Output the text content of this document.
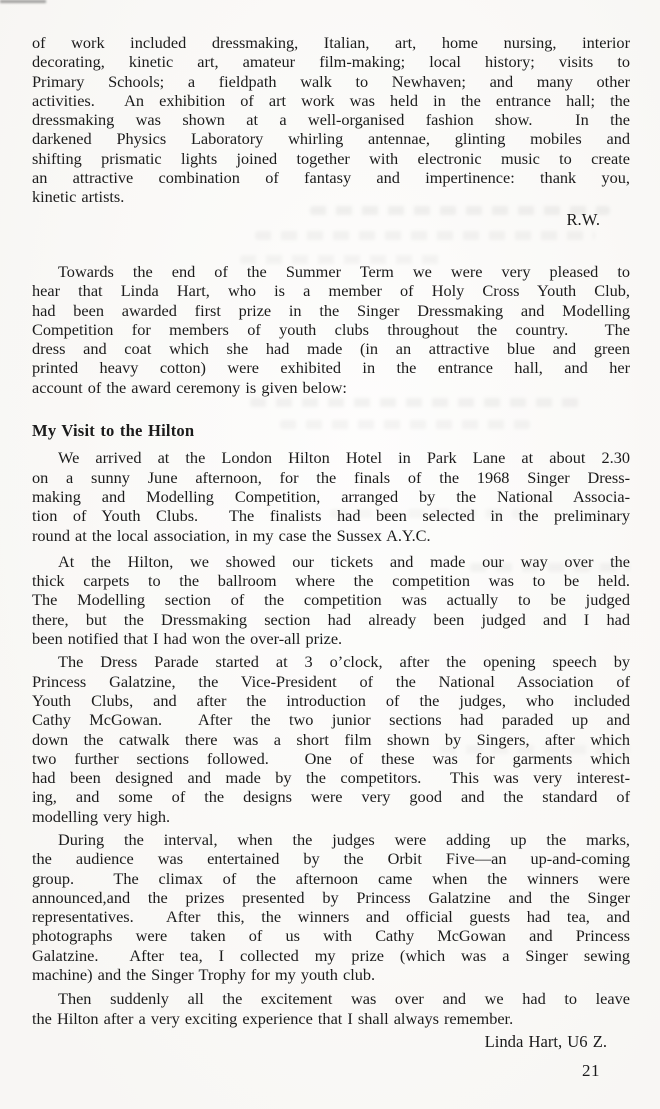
of work included dressmaking, Italian, art, home nursing, interior
decorating, kinetic art, amateur film-making; local history; visits to
Primary Schools; a fieldpath walk to Newhaven; and many other
activities.  An exhibition of art work was held in the entrance hall; the
dressmaking was shown at a well-organised fashion show.  In the
darkened Physics Laboratory whirling antennae, glinting mobiles and
shifting prismatic lights joined together with electronic music to create
an attractive combination of fantasy and impertinence: thank you,
kinetic artists.
R.W.
Towards the end of the Summer Term we were very pleased to
hear that Linda Hart, who is a member of Holy Cross Youth Club,
had been awarded first prize in the Singer Dressmaking and Modelling
Competition for members of youth clubs throughout the country.  The
dress and coat which she had made (in an attractive blue and green
printed heavy cotton) were exhibited in the entrance hall, and her
account of the award ceremony is given below:
My Visit to the Hilton
We arrived at the London Hilton Hotel in Park Lane at about 2.30
on a sunny June afternoon, for the finals of the 1968 Singer Dress-
making and Modelling Competition, arranged by the National Associa-
tion of Youth Clubs.  The finalists had been selected in the preliminary
round at the local association, in my case the Sussex A.Y.C.
At the Hilton, we showed our tickets and made our way over the
thick carpets to the ballroom where the competition was to be held.
The Modelling section of the competition was actually to be judged
there, but the Dressmaking section had already been judged and I had
been notified that I had won the over-all prize.
The Dress Parade started at 3 o’clock, after the opening speech by
Princess Galatzine, the Vice-President of the National Association of
Youth Clubs, and after the introduction of the judges, who included
Cathy McGowan.  After the two junior sections had paraded up and
down the catwalk there was a short film shown by Singers, after which
two further sections followed.  One of these was for garments which
had been designed and made by the competitors.  This was very interest-
ing, and some of the designs were very good and the standard of
modelling very high.
During the interval, when the judges were adding up the marks,
the audience was entertained by the Orbit Five—an up-and-coming
group.  The climax of the afternoon came when the winners were
announced,and the prizes presented by Princess Galatzine and the Singer
representatives.  After this, the winners and official guests had tea, and
photographs were taken of us with Cathy McGowan and Princess
Galatzine.  After tea, I collected my prize (which was a Singer sewing
machine) and the Singer Trophy for my youth club.
Then suddenly all the excitement was over and we had to leave
the Hilton after a very exciting experience that I shall always remember.
Linda Hart, U6 Z.
21
